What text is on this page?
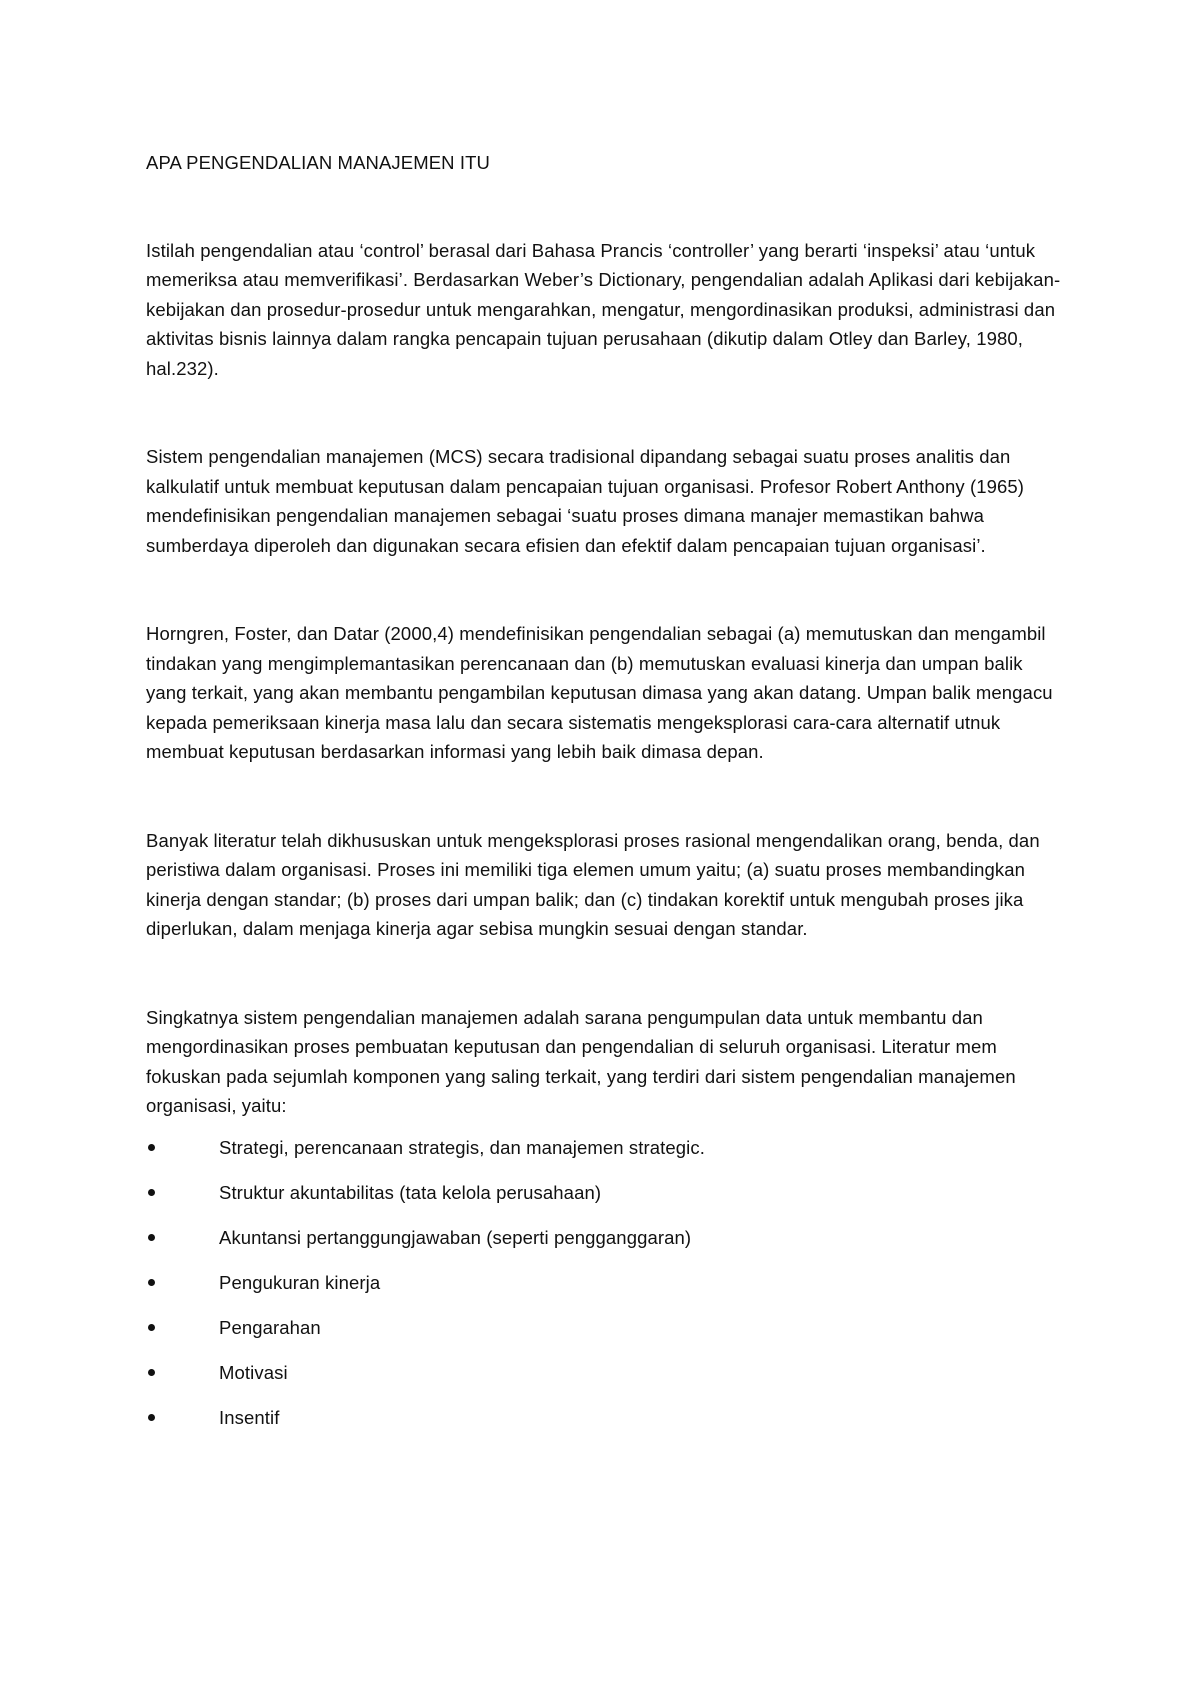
APA PENGENDALIAN MANAJEMEN ITU

Istilah pengendalian atau ‘control’ berasal dari Bahasa Prancis ‘controller’ yang berarti ‘inspeksi’ atau ‘untuk memeriksa atau memverifikasi’. Berdasarkan Weber’s Dictionary, pengendalian adalah Aplikasi dari kebijakan-kebijakan dan prosedur-prosedur untuk mengarahkan, mengatur, mengordinasikan produksi, administrasi dan aktivitas bisnis lainnya dalam rangka pencapain tujuan perusahaan (dikutip dalam Otley dan Barley, 1980, hal.232).

Sistem pengendalian manajemen (MCS) secara tradisional dipandang sebagai suatu proses analitis dan kalkulatif untuk membuat keputusan dalam pencapaian tujuan organisasi. Profesor Robert Anthony (1965) mendefinisikan pengendalian manajemen sebagai ‘suatu proses dimana manajer memastikan bahwa sumberdaya diperoleh dan digunakan secara efisien dan efektif dalam pencapaian tujuan organisasi’.

Horngren, Foster, dan Datar (2000,4) mendefinisikan pengendalian sebagai (a) memutuskan dan mengambil tindakan yang mengimplemantasikan perencanaan dan (b) memutuskan evaluasi kinerja dan umpan balik yang terkait, yang akan membantu pengambilan keputusan dimasa yang akan datang. Umpan balik mengacu kepada pemeriksaan kinerja masa lalu dan secara sistematis mengeksplorasi cara-cara alternatif utnuk membuat keputusan berdasarkan informasi yang lebih baik dimasa depan.

Banyak literatur telah dikhususkan untuk mengeksplorasi proses rasional mengendalikan orang, benda, dan peristiwa dalam organisasi. Proses ini memiliki tiga elemen umum yaitu; (a) suatu proses membandingkan kinerja dengan standar; (b) proses dari umpan balik; dan (c) tindakan korektif untuk mengubah proses jika diperlukan, dalam menjaga kinerja agar sebisa mungkin sesuai dengan standar.

Singkatnya sistem pengendalian manajemen adalah sarana pengumpulan data untuk membantu dan mengordinasikan proses pembuatan keputusan dan pengendalian di seluruh organisasi. Literatur mem fokuskan pada sejumlah komponen yang saling terkait, yang terdiri dari sistem pengendalian manajemen organisasi, yaitu:

Strategi, perencanaan strategis, dan manajemen strategic.
Struktur akuntabilitas (tata kelola perusahaan)
Akuntansi pertanggungjawaban (seperti pengganggaran)
Pengukuran kinerja
Pengarahan
Motivasi
Insentif
